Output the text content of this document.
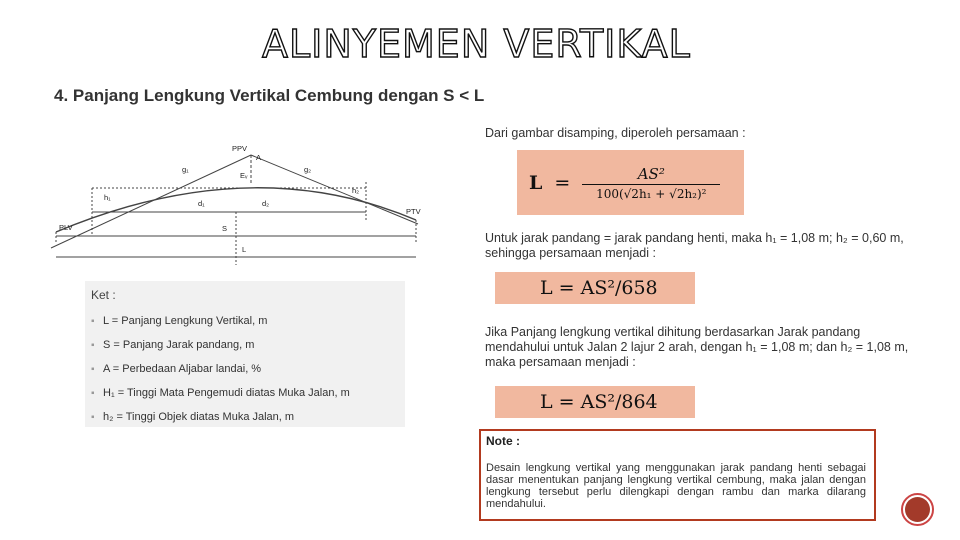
ALINYEMEN VERTIKAL
4. Panjang Lengkung Vertikal Cembung dengan S < L
PPV
A
g₁	g₂
Eᵥ
h₁
h₂
d₁	d₂
PLV
PTV
S
L
Ket :
▪ L = Panjang Lengkung Vertikal, m
▪ S = Panjang Jarak pandang, m
▪ A = Perbedaan Aljabar landai, %
▪ H₁ = Tinggi Mata Pengemudi diatas Muka Jalan, m
▪ h₂ = Tinggi Objek diatas Muka Jalan, m
Dari gambar disamping, diperoleh persamaan :
L =	AS²
100(√2h₁ + √2h₂)²
Untuk jarak pandang = jarak pandang henti, maka h₁ = 1,08 m; h₂ = 0,60 m, sehingga persamaan menjadi :
L = AS²/658
Jika Panjang lengkung vertikal dihitung berdasarkan Jarak pandang mendahului untuk Jalan 2 lajur 2 arah, dengan h₁ = 1,08 m; dan h₂ = 1,08 m, maka persamaan menjadi :
L = AS²/864
Note :
Desain lengkung vertikal yang menggunakan jarak pandang henti sebagai dasar menentukan panjang lengkung vertikal cembung, maka jalan dengan lengkung tersebut perlu dilengkapi dengan rambu dan marka dilarang mendahului.
